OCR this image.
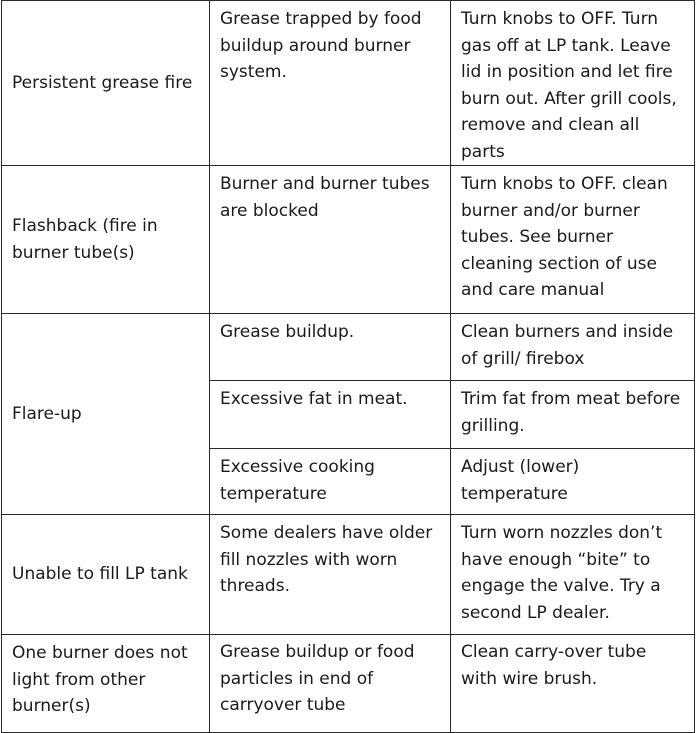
Persistent grease fire	Grease trapped by food buildup around burner system.	Turn knobs to OFF. Turn gas off at LP tank. Leave lid in position and let fire burn out. After grill cools, remove and clean all parts
Flashback (fire in burner tube(s)	Burner and burner tubes are blocked	Turn knobs to OFF. clean burner and/or burner tubes. See burner cleaning section of use and care manual
Flare-up	Grease buildup.	Clean burners and inside of grill/ firebox
	Excessive fat in meat.	Trim fat from meat before grilling.
	Excessive cooking temperature	Adjust (lower) temperature
Unable to fill LP tank	Some dealers have older fill nozzles with worn threads.	Turn worn nozzles don’t have enough “bite” to engage the valve. Try a second LP dealer.
One burner does not light from other burner(s)	Grease buildup or food particles in end of carryover tube	Clean carry-over tube with wire brush.
